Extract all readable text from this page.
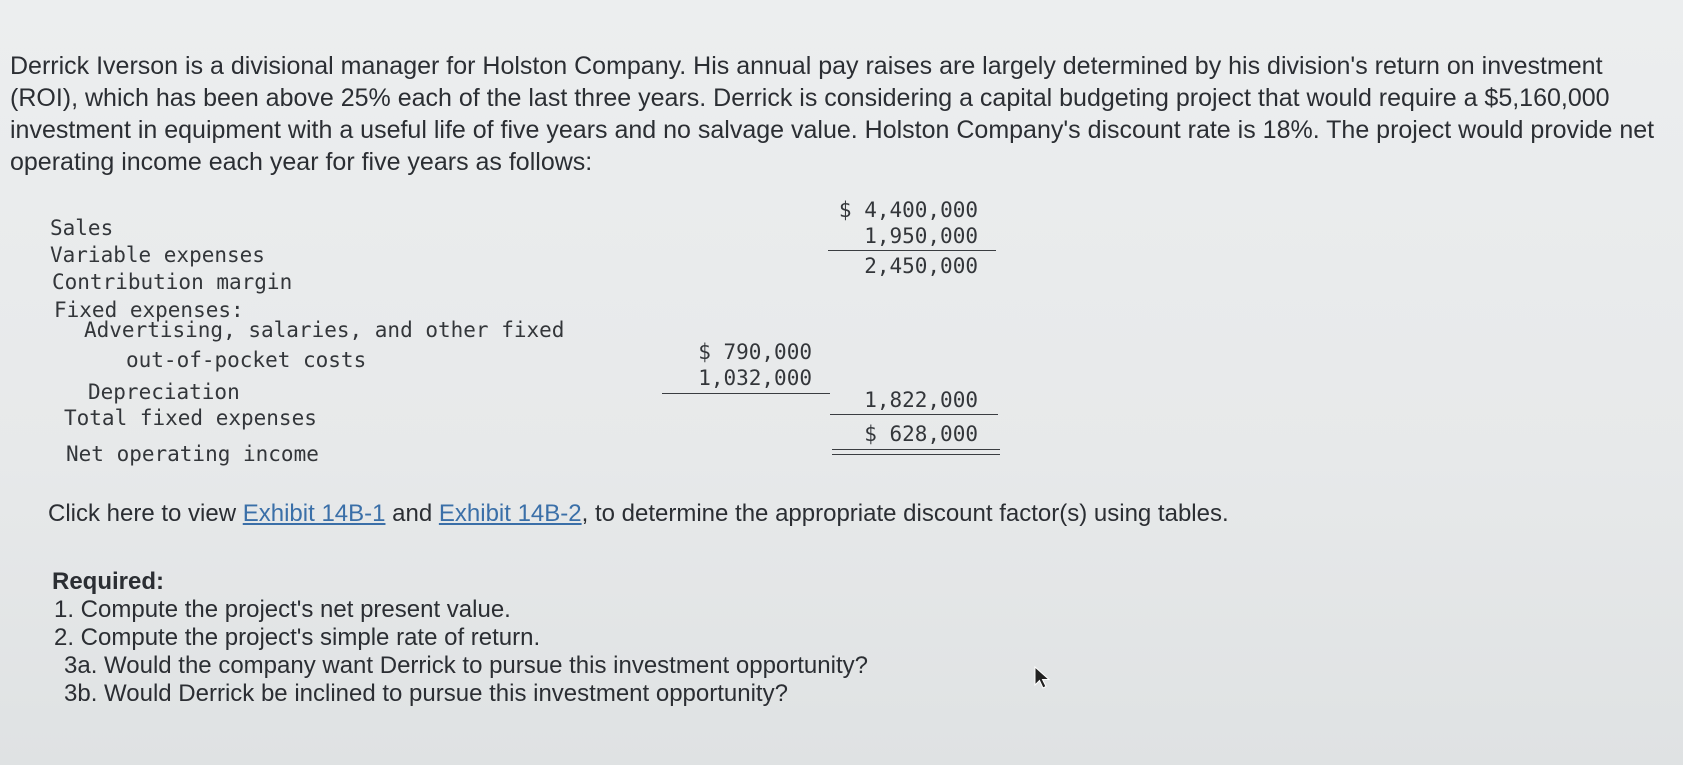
Derrick Iverson is a divisional manager for Holston Company. His annual pay raises are largely determined by his division's return on investment (ROI), which has been above 25% each of the last three years. Derrick is considering a capital budgeting project that would require a $5,160,000 investment in equipment with a useful life of five years and no salvage value. Holston Company's discount rate is 18%. The project would provide net operating income each year for five years as follows:

Sales
Variable expenses
Contribution margin
Fixed expenses:
Advertising, salaries, and other fixed
out-of-pocket costs
Depreciation
Total fixed expenses
Net operating income
$ 790,000
1,032,000
$ 4,400,000
1,950,000
2,450,000
1,822,000
$ 628,000
Click here to view Exhibit 14B-1 and Exhibit 14B-2, to determine the appropriate discount factor(s) using tables.
Required:
1. Compute the project's net present value.
2. Compute the project's simple rate of return.
3a. Would the company want Derrick to pursue this investment opportunity?
3b. Would Derrick be inclined to pursue this investment opportunity?
